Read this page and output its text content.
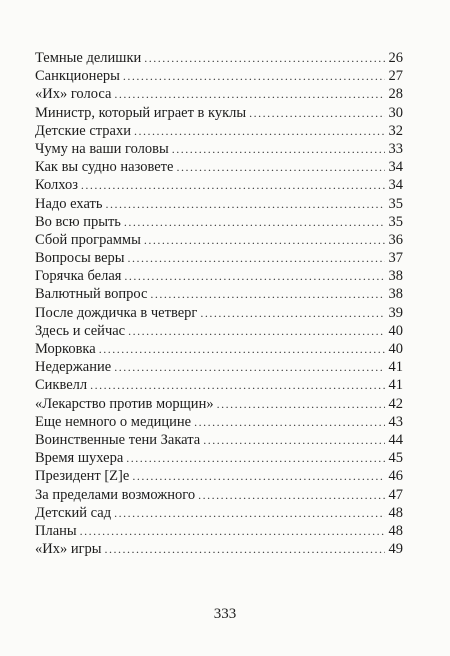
Темные делишки .....	26
Санкционеры .....	27
«Их» голоса .....	28
Министр, который играет в куклы .....	30
Детские страхи .....	32
Чуму на ваши головы .....	33
Как вы судно назовете .....	34
Колхоз .....	34
Надо ехать .....	35
Во всю прыть .....	35
Сбой программы .....	36
Вопросы веры .....	37
Горячка белая .....	38
Валютный вопрос .....	38
После дождичка в четверг .....	39
Здесь и сейчас .....	40
Морковка .....	40
Недержание .....	41
Сиквелл .....	41
«Лекарство против морщин» .....	42
Еще немного о медицине .....	43
Воинственные тени Заката .....	44
Время шухера .....	45
Президент [Z]е .....	46
За пределами возможного .....	47
Детский сад .....	48
Планы .....	48
«Их» игры .....	49
333
